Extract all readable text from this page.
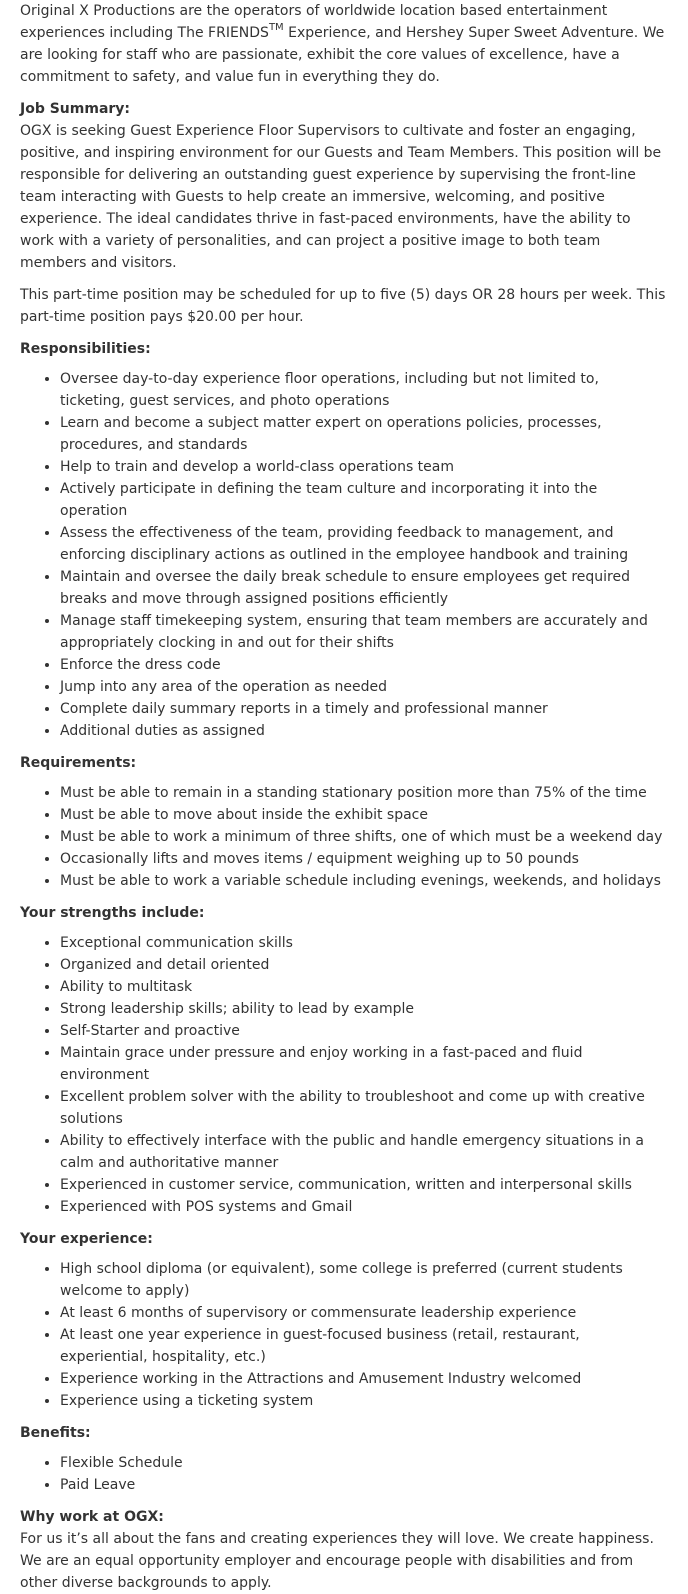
Original X Productions are the operators of worldwide location based entertainment experiences including The FRIENDS™ Experience, and Hershey Super Sweet Adventure. We are looking for staff who are passionate, exhibit the core values of excellence, have a commitment to safety, and value fun in everything they do.

Job Summary:

OGX is seeking Guest Experience Floor Supervisors to cultivate and foster an engaging, positive, and inspiring environment for our Guests and Team Members. This position will be responsible for delivering an outstanding guest experience by supervising the front-line team interacting with Guests to help create an immersive, welcoming, and positive experience. The ideal candidates thrive in fast-paced environments, have the ability to work with a variety of personalities, and can project a positive image to both team members and visitors.

This part-time position may be scheduled for up to five (5) days OR 28 hours per week. This part-time position pays $20.00 per hour.

Responsibilities:
• Oversee day-to-day experience floor operations, including but not limited to, ticketing, guest services, and photo operations
• Learn and become a subject matter expert on operations policies, processes, procedures, and standards
• Help to train and develop a world-class operations team
• Actively participate in defining the team culture and incorporating it into the operation
• Assess the effectiveness of the team, providing feedback to management, and enforcing disciplinary actions as outlined in the employee handbook and training
• Maintain and oversee the daily break schedule to ensure employees get required breaks and move through assigned positions efficiently
• Manage staff timekeeping system, ensuring that team members are accurately and appropriately clocking in and out for their shifts
• Enforce the dress code
• Jump into any area of the operation as needed
• Complete daily summary reports in a timely and professional manner
• Additional duties as assigned
Requirements:
• Must be able to remain in a standing stationary position more than 75% of the time
• Must be able to move about inside the exhibit space
• Must be able to work a minimum of three shifts, one of which must be a weekend day
• Occasionally lifts and moves items / equipment weighing up to 50 pounds
• Must be able to work a variable schedule including evenings, weekends, and holidays
Your strengths include:
• Exceptional communication skills
• Organized and detail oriented
• Ability to multitask
• Strong leadership skills; ability to lead by example
• Self-Starter and proactive
• Maintain grace under pressure and enjoy working in a fast-paced and fluid environment
• Excellent problem solver with the ability to troubleshoot and come up with creative solutions
• Ability to effectively interface with the public and handle emergency situations in a calm and authoritative manner
• Experienced in customer service, communication, written and interpersonal skills
• Experienced with POS systems and Gmail
Your experience:
• High school diploma (or equivalent), some college is preferred (current students welcome to apply)
• At least 6 months of supervisory or commensurate leadership experience
• At least one year experience in guest-focused business (retail, restaurant, experiential, hospitality, etc.)
• Experience working in the Attractions and Amusement Industry welcomed
• Experience using a ticketing system
Benefits:
• Flexible Schedule
• Paid Leave
Why work at OGX:

For us it’s all about the fans and creating experiences they will love. We create happiness. We are an equal opportunity employer and encourage people with disabilities and from other diverse backgrounds to apply.
